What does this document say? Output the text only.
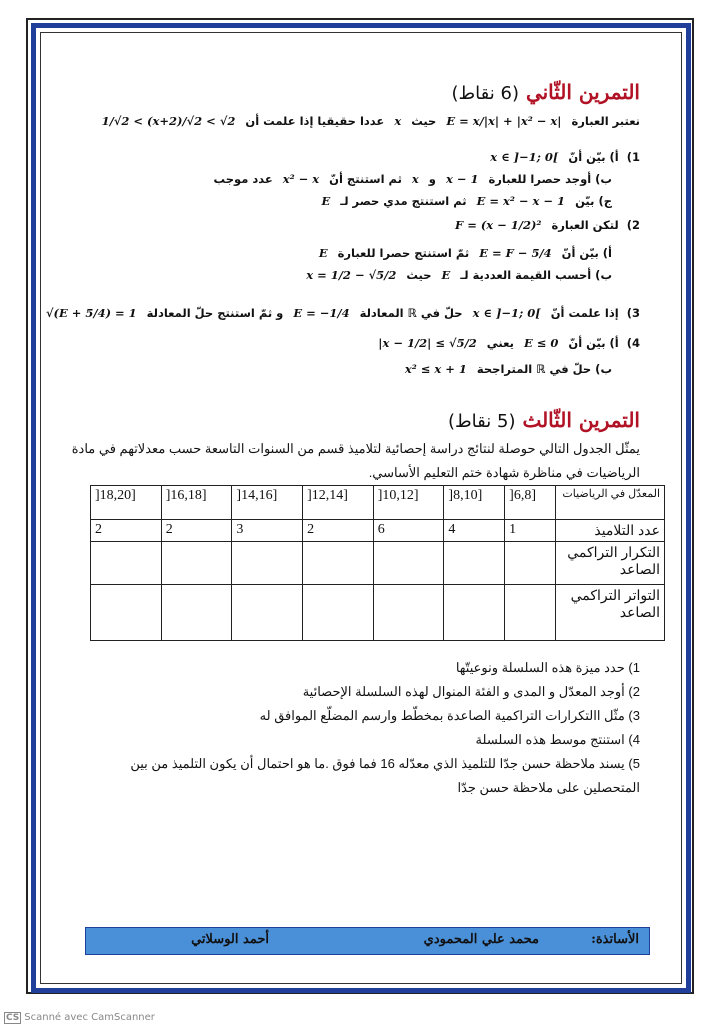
التمرين الثّاني (6 نقاط)
نعتبر العبارة E = x/|x| + |x² − x| حيث x عددا حقيقيا إذا علمت أن 1/√2 < (x+2)/√2 < √2
1)أ) بيّن أنّ x ∈ ]−1; 0[
ب) أوجد حصرا للعبارة x − 1 و x ثم استنتج أنّ x² − x عدد موجب
ج) بيّن E = x² − x − 1 ثم استنتج مدي حصر لـ E
2)لتكن العبارة F = (x − 1/2)²
أ) بيّن أنّ E = F − 5/4 ثمّ استنتج حصرا للعبارة E
ب) أحسب القيمة العددية لـ E حيث x = 1/2 − √5/2
3)إذا علمت أنّ x ∈ ]−1; 0[ حلّ في ℝ المعادلة E = −1/4 و ثمّ استنتج حلّ المعادلة √(E + 5/4) = 1
4)أ) بيّن أنّ E ≤ 0 يعني |x − 1/2| ≤ √5/2
ب) حلّ في ℝ المتراجحة x² ≤ x + 1
التمرين الثّالث (5 نقاط)
يمثّل الجدول التالي حوصلة لنتائج دراسة إحصائية لتلاميذ قسم من السنوات التاسعة حسب معدلاتهم في مادة الرياضيات في مناظرة شهادة ختم التعليم الأساسي.
المعدّل في الرياضيات	[6,8[	[8,10[	[10,12[	[12,14[	[14,16[	[16,18[	[18,20[
عدد التلاميذ	1	4	6	2	3	2	2
التكرار التراكمي الصاعد							
التواتر التراكمي الصاعد							
1) حدد ميزة هذه السلسلة ونوعيتّها
2) أوجد المعدّل و المدى و الفئة المنوال لهذه السلسلة الإحصائية
3) مثّل االتكرارات التراكمية الصاعدة بمخطّط وارسم المضلّع الموافق له
4) استنتج موسط هذه السلسلة
5) يسند ملاحظة حسن جدّا للتلميذ الذي معدّله 16 فما فوق .ما هو احتمال أن يكون التلميذ من بين المتحصلين على ملاحظة حسن جدّا
الأساتذة:
محمد علي المحمودي
أحمد الوسلاتي
CS Scanné avec CamScanner
